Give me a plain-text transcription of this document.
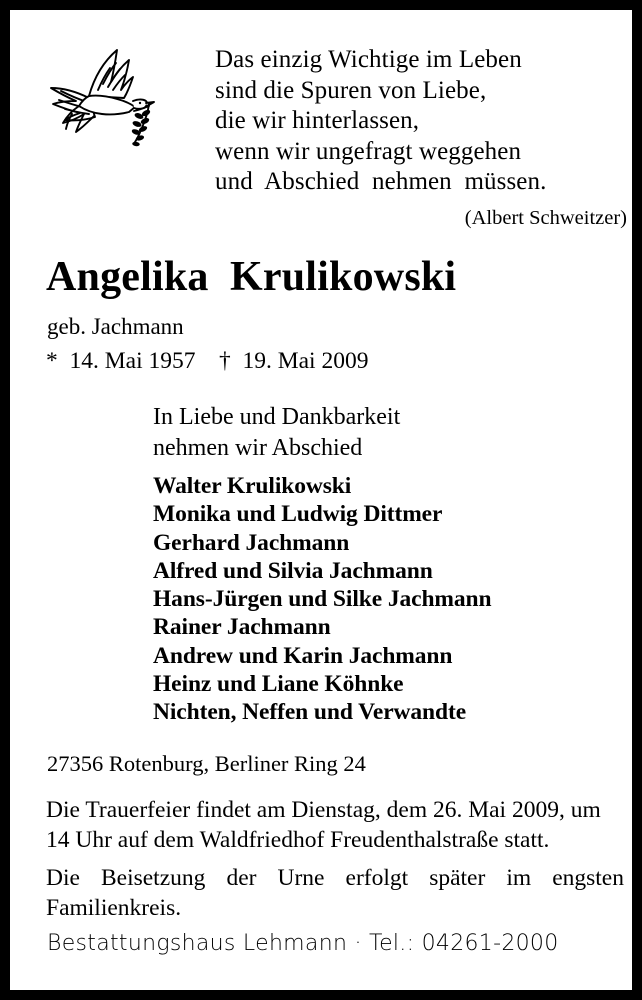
Das einzig Wichtige im Leben
sind die Spuren von Liebe,
die wir hinterlassen,
wenn wir ungefragt weggehen
und  Abschied  nehmen  müssen.
(Albert Schweitzer)
Angelika  Krulikowski
geb. Jachmann
*  14. Mai 1957    †  19. Mai 2009
In Liebe und Dankbarkeit
nehmen wir Abschied
Walter Krulikowski
Monika und Ludwig Dittmer
Gerhard Jachmann
Alfred und Silvia Jachmann
Hans-Jürgen und Silke Jachmann
Rainer Jachmann
Andrew und Karin Jachmann
Heinz und Liane Köhnke
Nichten, Neffen und Verwandte
27356 Rotenburg, Berliner Ring 24
Die Trauerfeier findet am Dienstag, dem 26. Mai 2009, um
14 Uhr auf dem Waldfriedhof Freudenthalstraße statt.
Die Beisetzung der Urne erfolgt später im engsten
Familienkreis.
Bestattungshaus Lehmann · Tel.: 04261-2000
